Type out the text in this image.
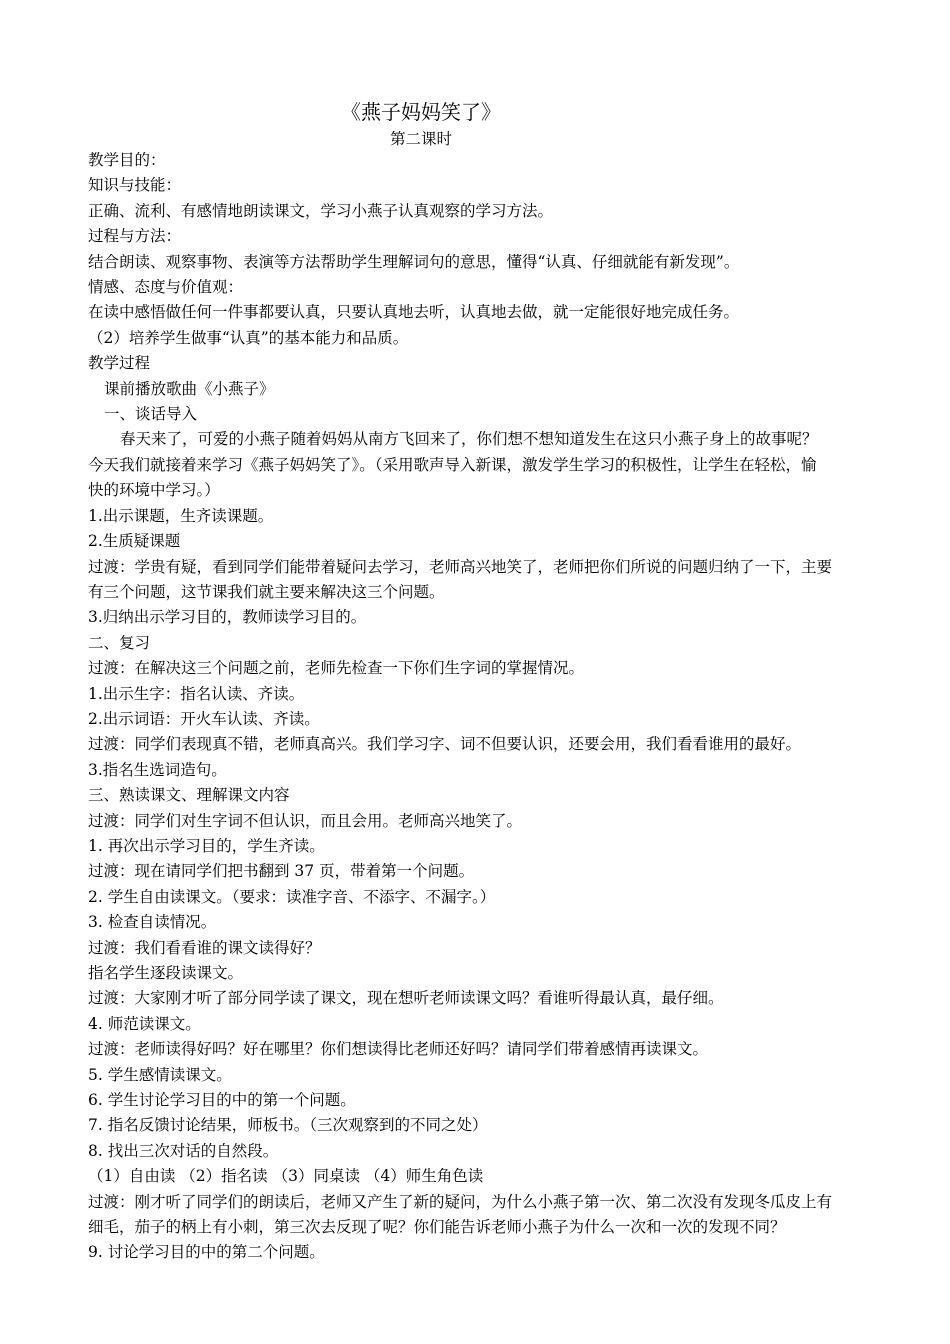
《燕子妈妈笑了》
第二课时
教学目的：
知识与技能：
正确、流利、有感情地朗读课文，学习小燕子认真观察的学习方法。
过程与方法：
结合朗读、观察事物、表演等方法帮助学生理解词句的意思，懂得“认真、仔细就能有新发现”。
情感、态度与价值观：
在读中感悟做任何一件事都要认真，只要认真地去听，认真地去做，就一定能很好地完成任务。
（2）培养学生做事“认真”的基本能力和品质。
教学过程
课前播放歌曲《小燕子》
一、谈话导入
春天来了，可爱的小燕子随着妈妈从南方飞回来了，你们想不想知道发生在这只小燕子身上的故事呢？
今天我们就接着来学习《燕子妈妈笑了》。（采用歌声导入新课，激发学生学习的积极性，让学生在轻松，愉
快的环境中学习。）
1.出示课题，生齐读课题。
2.生质疑课题
过渡：学贵有疑，看到同学们能带着疑问去学习，老师高兴地笑了，老师把你们所说的问题归纳了一下，主要
有三个问题，这节课我们就主要来解决这三个问题。
3.归纳出示学习目的，教师读学习目的。
二、复习
过渡：在解决这三个问题之前，老师先检查一下你们生字词的掌握情况。
1.出示生字：指名认读、齐读。
2.出示词语：开火车认读、齐读。
过渡：同学们表现真不错，老师真高兴。我们学习字、词不但要认识，还要会用，我们看看谁用的最好。
3.指名生选词造句。
三、熟读课文、理解课文内容
过渡：同学们对生字词不但认识，而且会用。老师高兴地笑了。
1. 再次出示学习目的，学生齐读。
过渡：现在请同学们把书翻到 37 页，带着第一个问题。
2. 学生自由读课文。（要求：读准字音、不添字、不漏字。）
3. 检查自读情况。
过渡：我们看看谁的课文读得好？
指名学生逐段读课文。
过渡：大家刚才听了部分同学读了课文，现在想听老师读课文吗？看谁听得最认真，最仔细。
4. 师范读课文。
过渡：老师读得好吗？好在哪里？你们想读得比老师还好吗？请同学们带着感情再读课文。
5. 学生感情读课文。
6. 学生讨论学习目的中的第一个问题。
7. 指名反馈讨论结果，师板书。（三次观察到的不同之处）
8. 找出三次对话的自然段。
（1）自由读 （2）指名读 （3）同桌读 （4）师生角色读
过渡：刚才听了同学们的朗读后，老师又产生了新的疑问，为什么小燕子第一次、第二次没有发现冬瓜皮上有
细毛，茄子的柄上有小刺，第三次去反现了呢？你们能告诉老师小燕子为什么一次和一次的发现不同？
9. 讨论学习目的中的第二个问题。
